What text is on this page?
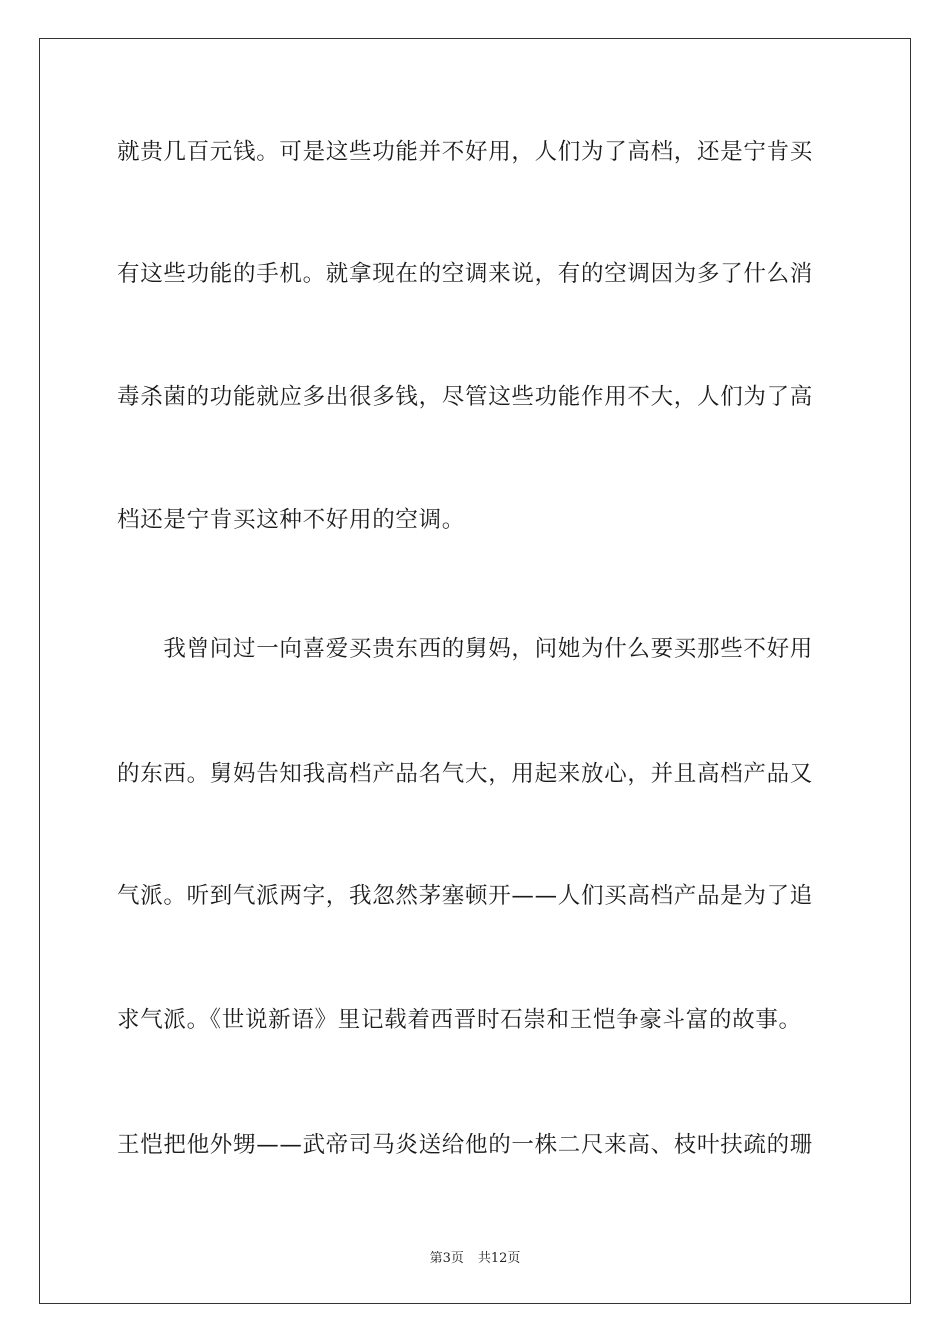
就贵几百元钱。可是这些功能并不好用，人们为了高档，还是宁肯买
有这些功能的手机。就拿现在的空调来说，有的空调因为多了什么消
毒杀菌的功能就应多出很多钱，尽管这些功能作用不大，人们为了高
档还是宁肯买这种不好用的空调。
　　我曾问过一向喜爱买贵东西的舅妈，问她为什么要买那些不好用
的东西。舅妈告知我高档产品名气大，用起来放心，并且高档产品又
气派。听到气派两字，我忽然茅塞顿开——人们买高档产品是为了追
求气派。《世说新语》里记载着西晋时石崇和王恺争豪斗富的故事。
王恺把他外甥——武帝司马炎送给他的一株二尺来高、枝叶扶疏的珊
第3页 共12页
